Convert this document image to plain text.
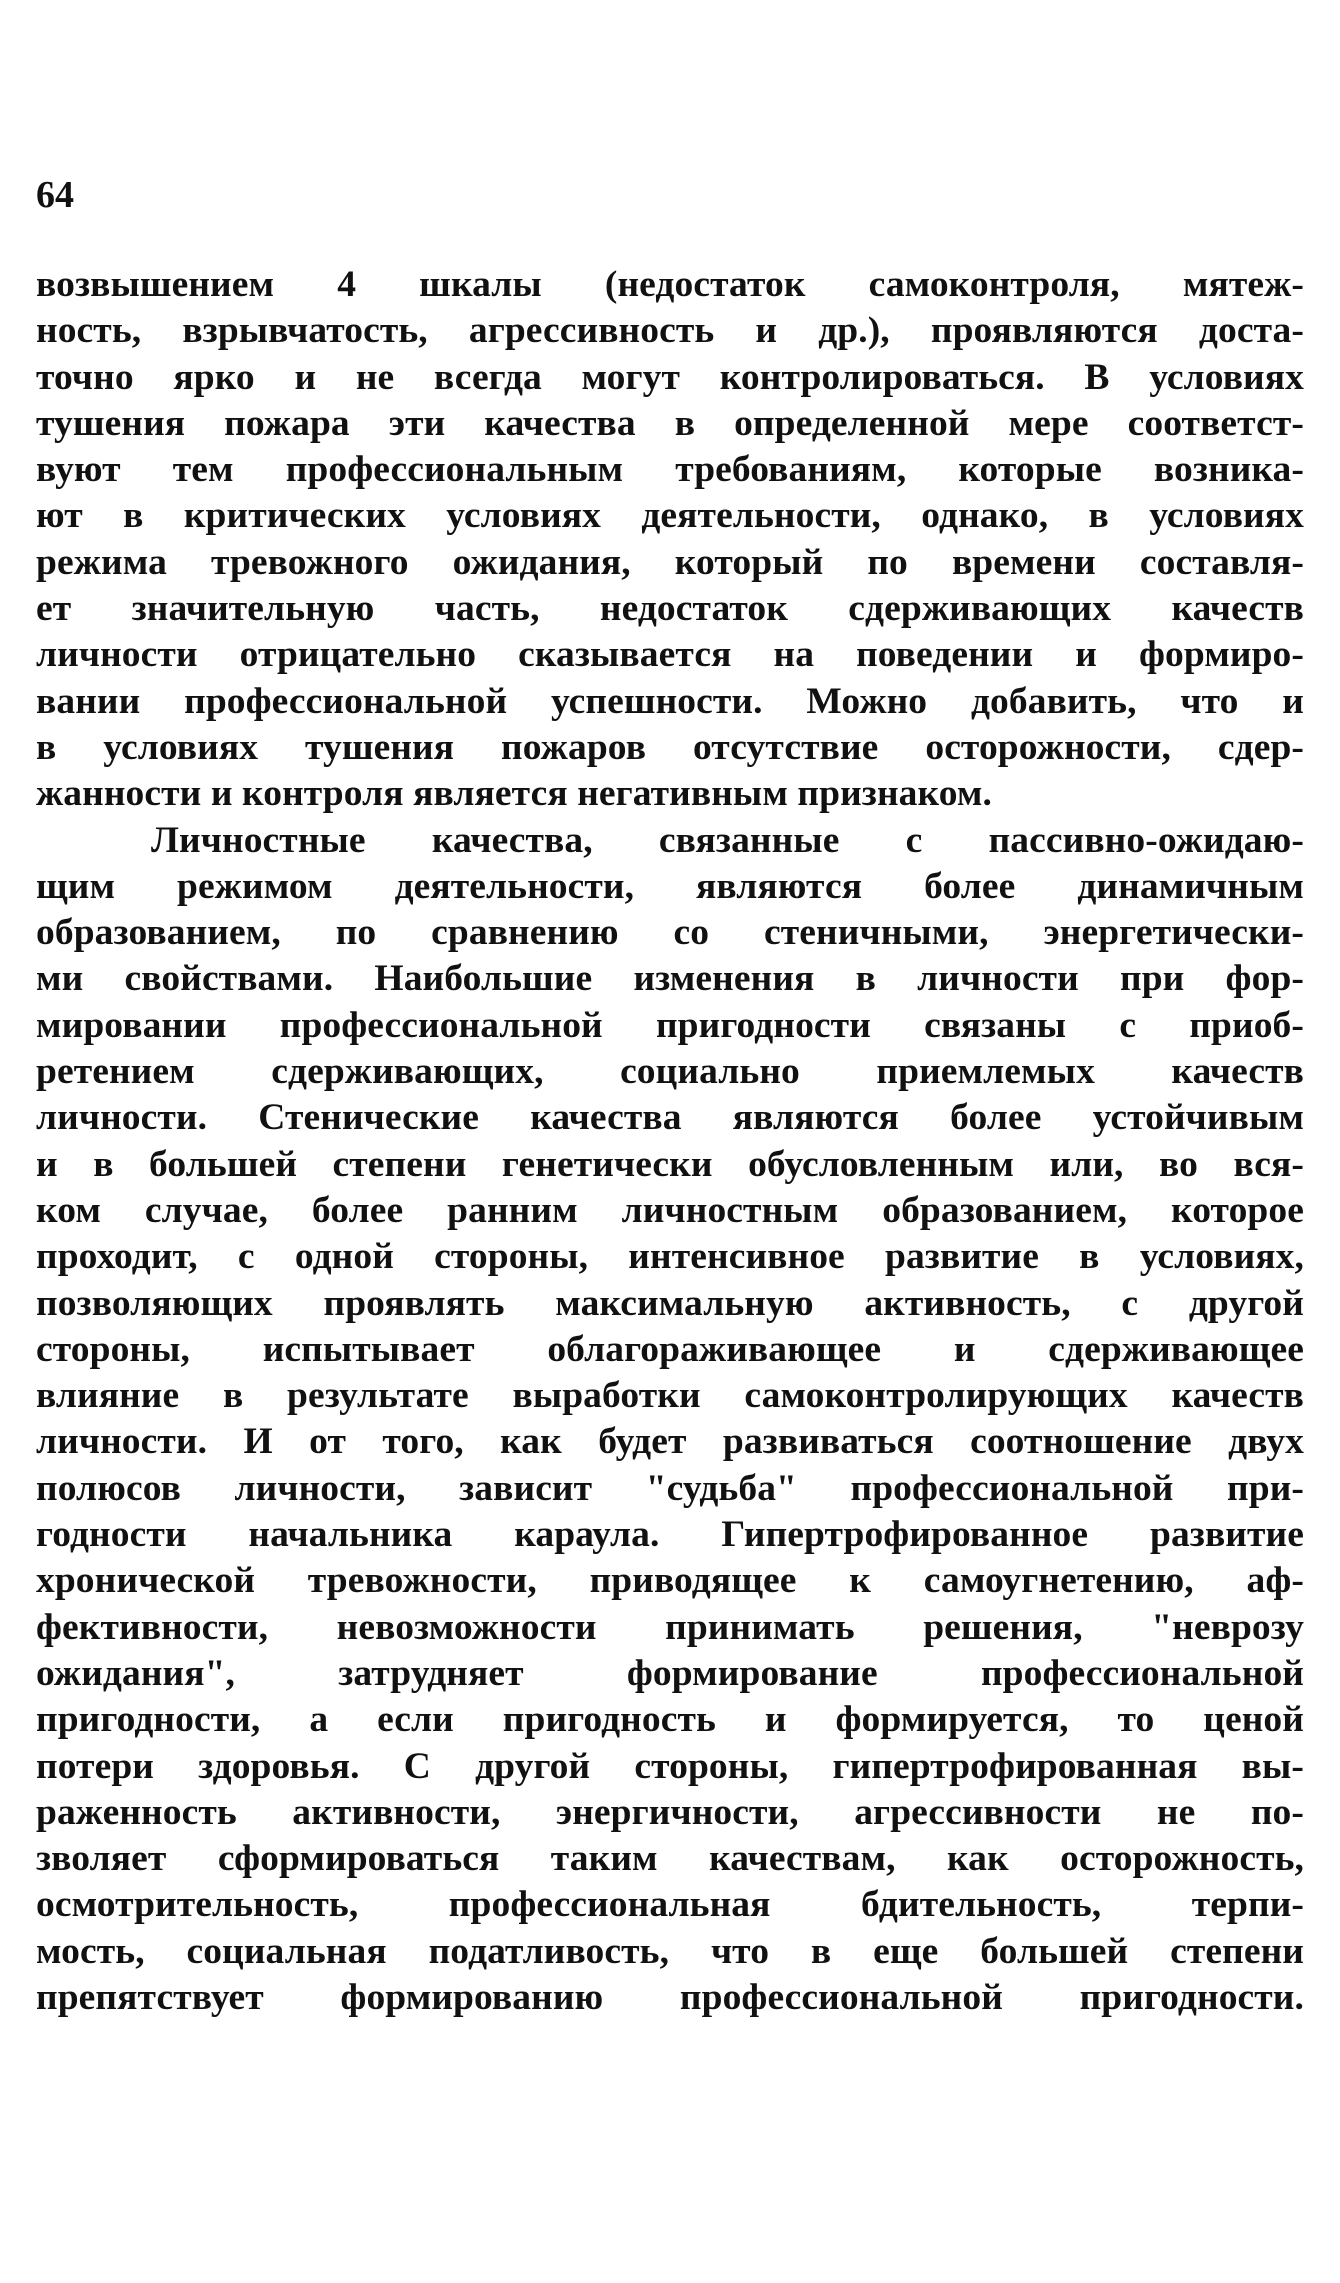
64

возвышением 4 шкалы (недостаток самоконтроля, мятеж-
ность, взрывчатость, агрессивность и др.), проявляются доста-
точно ярко и не всегда могут контролироваться. В условиях
тушения пожара эти качества в определенной мере соответст-
вуют тем профессиональным требованиям, которые возника-
ют в критических условиях деятельности, однако, в условиях
режима тревожного ожидания, который по времени составля-
ет значительную часть, недостаток сдерживающих качеств
личности отрицательно сказывается на поведении и формиро-
вании профессиональной успешности. Можно добавить, что и
в условиях тушения пожаров отсутствие осторожности, сдер-
жанности и контроля является негативным признаком.

Личностные качества, связанные с пассивно-ожидаю-
щим режимом деятельности, являются более динамичным
образованием, по сравнению со стеничными, энергетически-
ми свойствами. Наибольшие изменения в личности при фор-
мировании профессиональной пригодности связаны с приоб-
ретением сдерживающих, социально приемлемых качеств
личности. Стенические качества являются более устойчивым
и в большей степени генетически обусловленным или, во вся-
ком случае, более ранним личностным образованием, которое
проходит, с одной стороны, интенсивное развитие в условиях,
позволяющих проявлять максимальную активность, с другой
стороны, испытывает облагораживающее и сдерживающее
влияние в результате выработки самоконтролирующих качеств
личности. И от того, как будет развиваться соотношение двух
полюсов личности, зависит "судьба" профессиональной при-
годности начальника караула. Гипертрофированное развитие
хронической тревожности, приводящее к самоугнетению, аф-
фективности, невозможности принимать решения, "неврозу
ожидания", затрудняет формирование профессиональной
пригодности, а если пригодность и формируется, то ценой
потери здоровья. С другой стороны, гипертрофированная вы-
раженность активности, энергичности, агрессивности не по-
зволяет сформироваться таким качествам, как осторожность,
осмотрительность, профессиональная бдительность, терпи-
мость, социальная податливость, что в еще большей степени
препятствует формированию профессиональной пригодности.
